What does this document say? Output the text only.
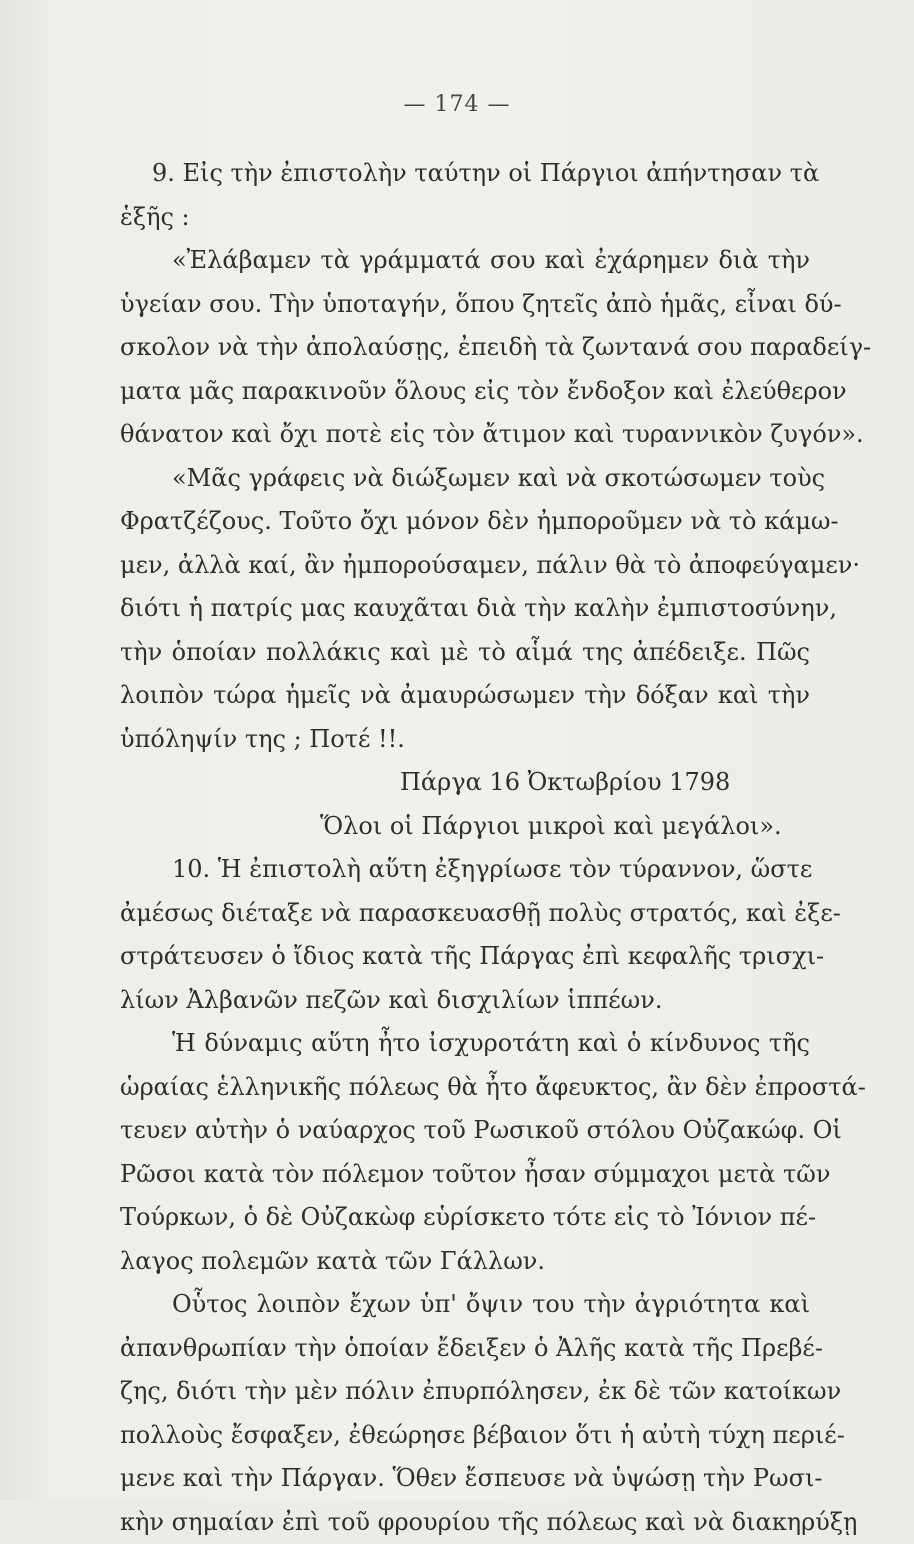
— 174 —
9. Εἰς τὴν ἐπιστολὴν ταύτην οἱ Πάργιοι ἀπήντησαν τὰ
ἑξῆς :
«Ἐλάβαμεν τὰ γράμματά σου καὶ ἐχάρημεν διὰ τὴν
ὑγείαν σου. Τὴν ὑποταγήν, ὅπου ζητεῖς ἀπὸ ἡμᾶς, εἶναι δύ-
σκολον νὰ τὴν ἀπολαύσῃς, ἐπειδὴ τὰ ζωντανά σου παραδείγ-
ματα μᾶς παρακινοῦν ὅλους εἰς τὸν ἔνδοξον καὶ ἐλεύθερον
θάνατον καὶ ὄχι ποτὲ εἰς τὸν ἄτιμον καὶ τυραννικὸν ζυγόν».
«Μᾶς γράφεις νὰ διώξωμεν καὶ νὰ σκοτώσωμεν τοὺς
Φρατζέζους. Τοῦτο ὄχι μόνον δὲν ἠμποροῦμεν νὰ τὸ κάμω-
μεν, ἀλλὰ καί, ἂν ἠμπορούσαμεν, πάλιν θὰ τὸ ἀποφεύγαμεν·
διότι ἡ πατρίς μας καυχᾶται διὰ τὴν καλὴν ἐμπιστοσύνην,
τὴν ὁποίαν πολλάκις καὶ μὲ τὸ αἷμά της ἀπέδειξε. Πῶς
λοιπὸν τώρα ἡμεῖς νὰ ἀμαυρώσωμεν τὴν δόξαν καὶ τὴν
ὑπόληψίν της ; Ποτέ !!.
Πάργα 16 Ὀκτωβρίου 1798
Ὅλοι οἱ Πάργιοι μικροὶ καὶ μεγάλοι».
10. Ἡ ἐπιστολὴ αὕτη ἐξηγρίωσε τὸν τύραννον, ὥστε
ἀμέσως διέταξε νὰ παρασκευασθῇ πολὺς στρατός, καὶ ἐξε-
στράτευσεν ὁ ἴδιος κατὰ τῆς Πάργας ἐπὶ κεφαλῆς τρισχι-
λίων Ἀλβανῶν πεζῶν καὶ δισχιλίων ἱππέων.
Ἡ δύναμις αὕτη ἦτο ἰσχυροτάτη καὶ ὁ κίνδυνος τῆς
ὡραίας ἑλληνικῆς πόλεως θὰ ἦτο ἄφευκτος, ἂν δὲν ἐπροστά-
τευεν αὐτὴν ὁ ναύαρχος τοῦ Ρωσικοῦ στόλου Οὐζακώφ. Οἱ
Ρῶσοι κατὰ τὸν πόλεμον τοῦτον ἦσαν σύμμαχοι μετὰ τῶν
Τούρκων, ὁ δὲ Οὐζακὼφ εὑρίσκετο τότε εἰς τὸ Ἰόνιον πέ-
λαγος πολεμῶν κατὰ τῶν Γάλλων.
Οὗτος λοιπὸν ἔχων ὑπ' ὄψιν του τὴν ἀγριότητα καὶ
ἀπανθρωπίαν τὴν ὁποίαν ἔδειξεν ὁ Ἀλῆς κατὰ τῆς Πρεβέ-
ζης, διότι τὴν μὲν πόλιν ἐπυρπόλησεν, ἐκ δὲ τῶν κατοίκων
πολλοὺς ἔσφαξεν, ἐθεώρησε βέβαιον ὅτι ἡ αὐτὴ τύχη περιέ-
μενε καὶ τὴν Πάργαν. Ὅθεν ἔσπευσε νὰ ὑψώσῃ τὴν Ρωσι-
κὴν σημαίαν ἐπὶ τοῦ φρουρίου τῆς πόλεως καὶ νὰ διακηρύξῃ
